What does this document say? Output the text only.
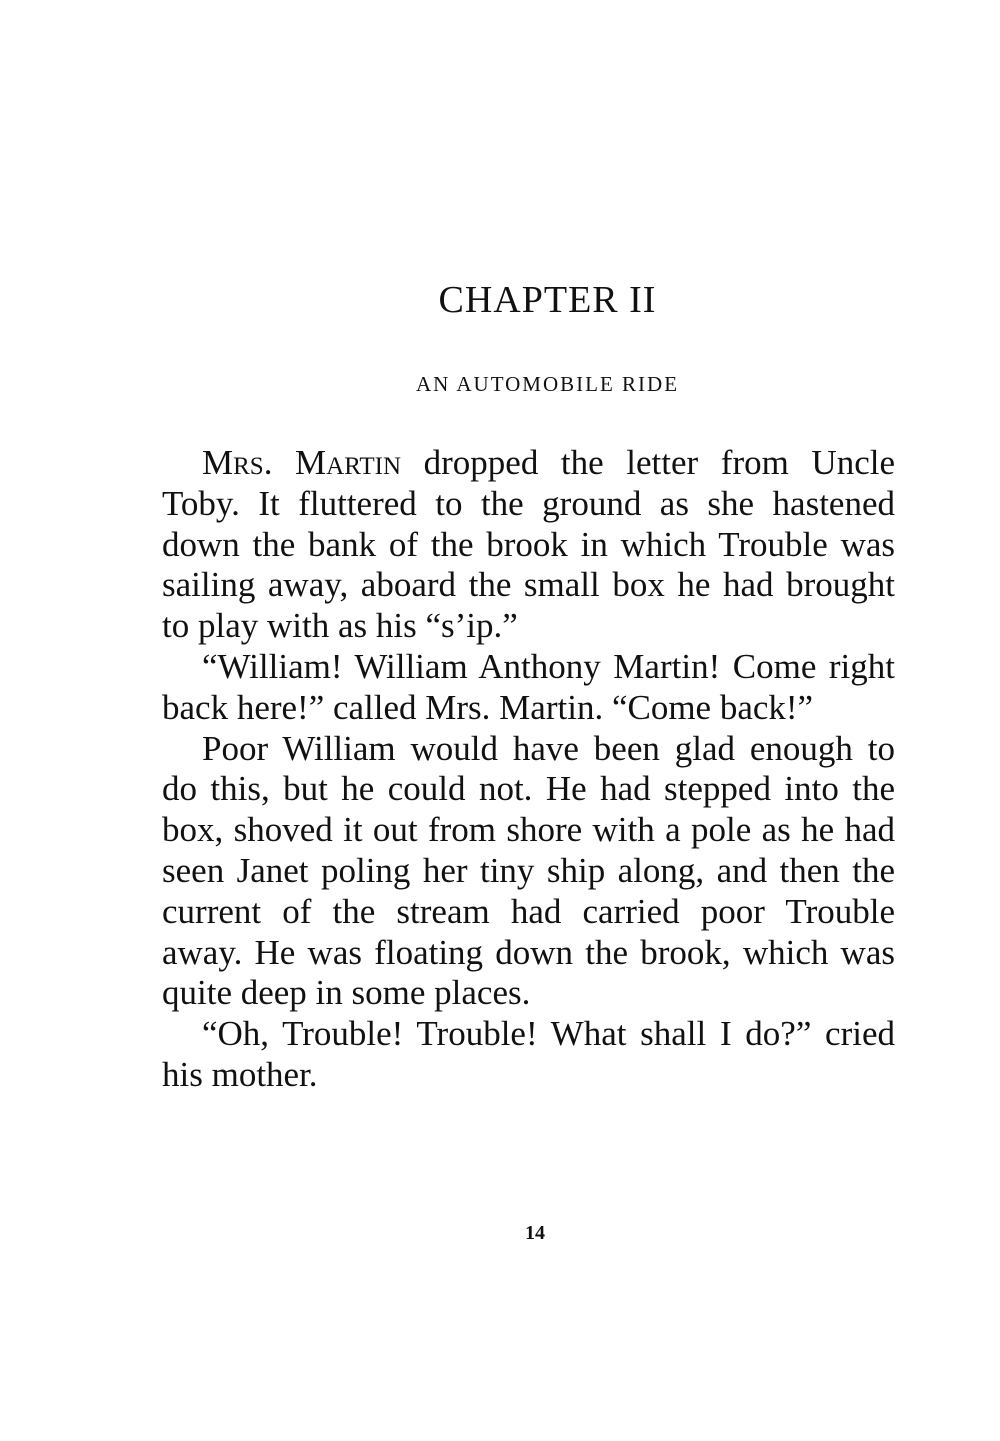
CHAPTER II
AN AUTOMOBILE RIDE

Mrs. Martin dropped the letter from Uncle Toby. It fluttered to the ground as she hastened down the bank of the brook in which Trouble was sailing away, aboard the small box he had brought to play with as his “s’ip.”

“William! William Anthony Martin! Come right back here!” called Mrs. Martin. “Come back!”

Poor William would have been glad enough to do this, but he could not. He had stepped into the box, shoved it out from shore with a pole as he had seen Janet poling her tiny ship along, and then the current of the stream had carried poor Trouble away. He was floating down the brook, which was quite deep in some places.

“Oh, Trouble! Trouble! What shall I do?” cried his mother.

14
